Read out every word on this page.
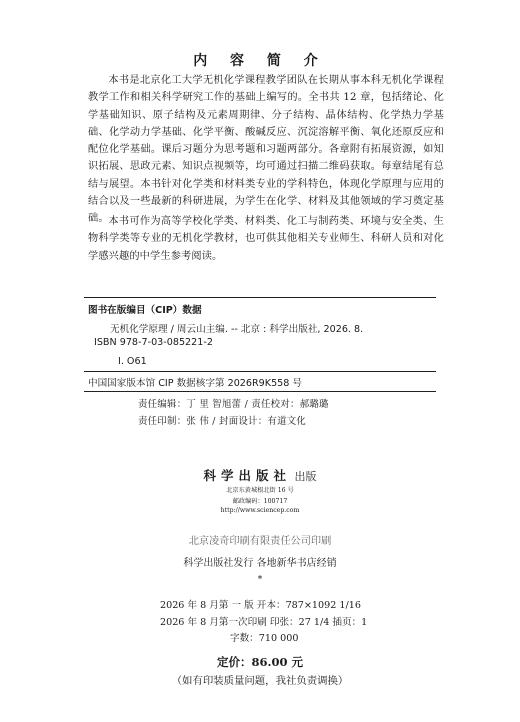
内 容 简 介

本书是北京化工大学无机化学课程教学团队在长期从事本科无机化学课程教学工作和相关科学研究工作的基础上编写的。全书共 12 章，包括绪论、化学基础知识、原子结构及元素周期律、分子结构、晶体结构、化学热力学基础、化学动力学基础、化学平衡、酸碱反应、沉淀溶解平衡、氧化还原反应和配位化学基础。课后习题分为思考题和习题两部分。各章附有拓展资源，如知识拓展、思政元素、知识点视频等，均可通过扫描二维码获取。每章结尾有总结与展望。本书针对化学类和材料类专业的学科特色，体现化学原理与应用的结合以及一些最新的科研进展，为学生在化学、材料及其他领域的学习奠定基础。 本书可作为高等学校化学类、材料类、化工与制药类、环境与安全类、生物科学类等专业的无机化学教材，也可供其他相关专业师生、科研人员和对化学感兴趣的中学生参考阅读。

图书在版编目（CIP）数据
无机化学原理 / 周云山主编. -- 北京 : 科学出版社, 2026. 8.
ISBN 978-7-03-085221-2
Ⅰ. O61
中国国家版本馆 CIP 数据核字第 2026R9K558 号
责任编辑：丁 里 智旭蕾 / 责任校对：郝璐璐
责任印制：张 伟 / 封面设计：有道文化
科学出版社 出版
北京东黄城根北街 16 号
邮政编码：100717
http://www.sciencep.com
北京凌奇印刷有限责任公司印刷
科学出版社发行 各地新华书店经销
*
2026 年 8 月第 一 版 开本：787×1092 1/16
2026 年 8 月第一次印刷 印张：27 1/4 插页：1
字数：710 000
定价：86.00 元
（如有印装质量问题，我社负责调换）
